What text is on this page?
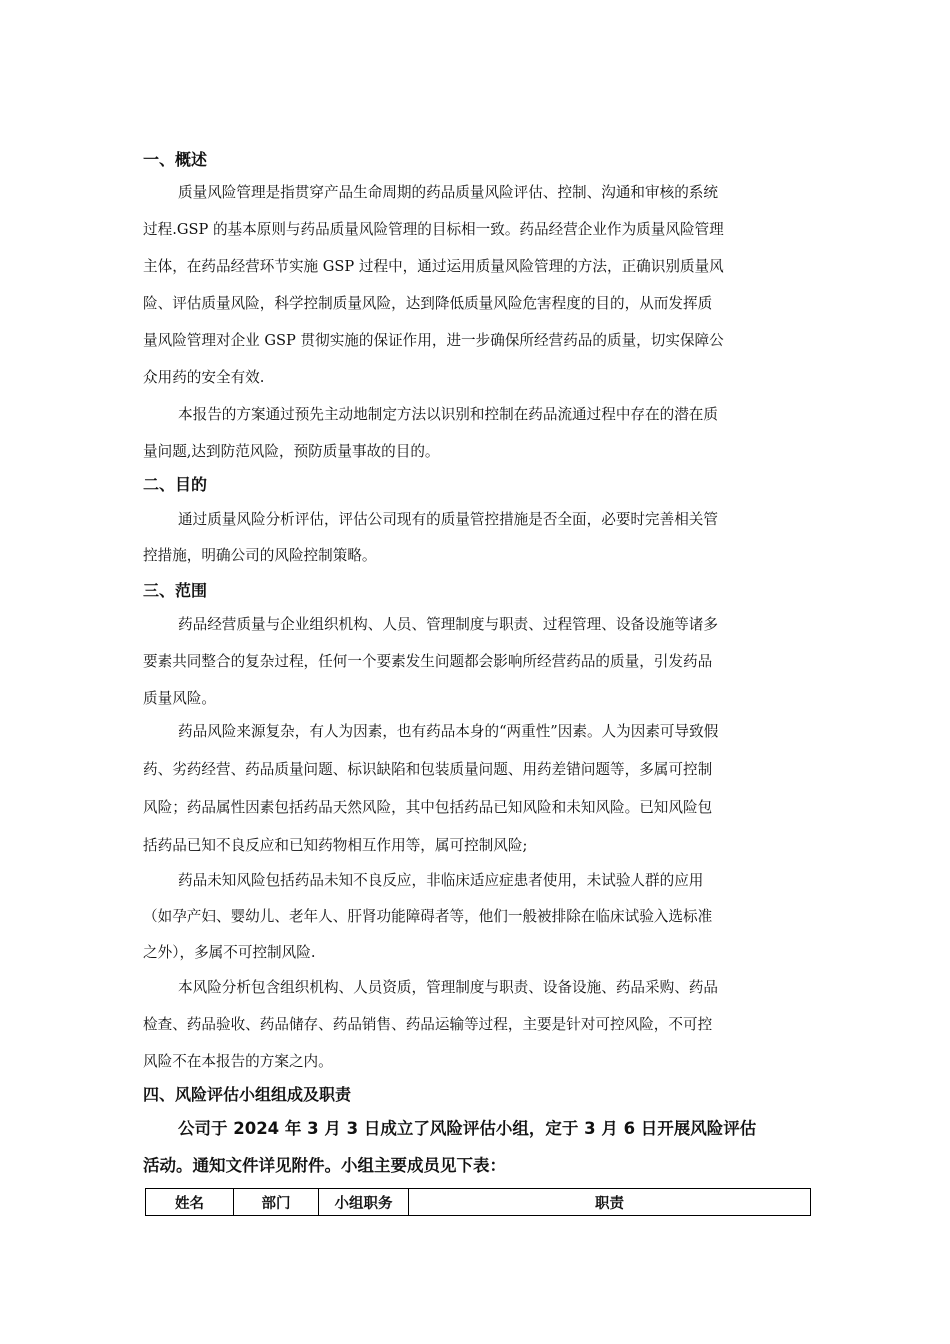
一、概述

质量风险管理是指贯穿产品生命周期的药品质量风险评估、控制、沟通和审核的系统

过程.GSP 的基本原则与药品质量风险管理的目标相一致。药品经营企业作为质量风险管理

主体，在药品经营环节实施 GSP 过程中，通过运用质量风险管理的方法，正确识别质量风

险、评估质量风险，科学控制质量风险，达到降低质量风险危害程度的目的，从而发挥质

量风险管理对企业 GSP 贯彻实施的保证作用，进一步确保所经营药品的质量，切实保障公

众用药的安全有效.

本报告的方案通过预先主动地制定方法以识别和控制在药品流通过程中存在的潜在质

量问题,达到防范风险，预防质量事故的目的。

二、目的

通过质量风险分析评估，评估公司现有的质量管控措施是否全面，必要时完善相关管

控措施，明确公司的风险控制策略。

三、范围

药品经营质量与企业组织机构、人员、管理制度与职责、过程管理、设备设施等诸多

要素共同整合的复杂过程，任何一个要素发生问题都会影响所经营药品的质量，引发药品

质量风险。

药品风险来源复杂，有人为因素，也有药品本身的“两重性”因素。人为因素可导致假

药、劣药经营、药品质量问题、标识缺陷和包装质量问题、用药差错问题等，多属可控制

风险；药品属性因素包括药品天然风险，其中包括药品已知风险和未知风险。已知风险包

括药品已知不良反应和已知药物相互作用等，属可控制风险;

药品未知风险包括药品未知不良反应，非临床适应症患者使用，未试验人群的应用

（如孕产妇、婴幼儿、老年人、肝肾功能障碍者等，他们一般被排除在临床试验入选标准

之外），多属不可控制风险.

本风险分析包含组织机构、人员资质，管理制度与职责、设备设施、药品采购、药品

检查、药品验收、药品储存、药品销售、药品运输等过程，主要是针对可控风险，不可控

风险不在本报告的方案之内。

四、风险评估小组组成及职责

公司于 2024 年 3 月 3 日成立了风险评估小组，定于 3 月 6 日开展风险评估

活动。通知文件详见附件。小组主要成员见下表：

姓名	部门	小组职务	职责
